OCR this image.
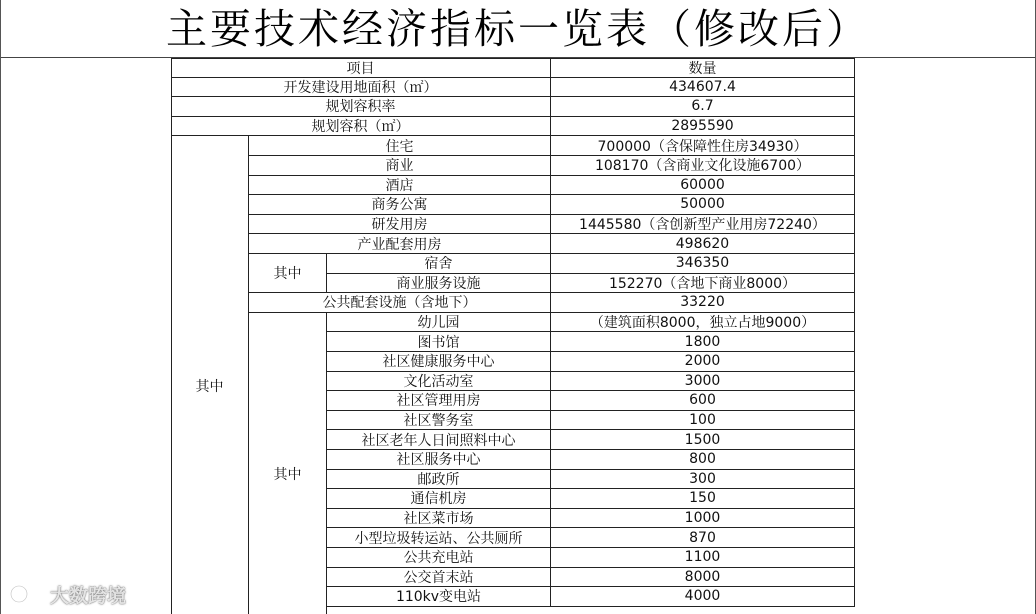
主要技术经济指标一览表（修改后）
项目	数量
开发建设用地面积（㎡）	434607.4
规划容积率	6.7
规划容积（㎡）	2895590
其中
住宅	700000（含保障性住房34930）
商业	108170（含商业文化设施6700）
酒店	60000
商务公寓	50000
研发用房	1445580（含创新型产业用房72240）
产业配套用房	498620
其中
宿舍	346350
商业服务设施	152270（含地下商业8000）
公共配套设施（含地下）	33220
其中
幼儿园	（建筑面积8000，独立占地9000）
图书馆	1800
社区健康服务中心	2000
文化活动室	3000
社区管理用房	600
社区警务室	100
社区老年人日间照料中心	1500
社区服务中心	800
邮政所	300
通信机房	150
社区菜市场	1000
小型垃圾转运站、公共厕所	870
公共充电站	1100
公交首末站	8000
110kv变电站	4000
大数跨境
